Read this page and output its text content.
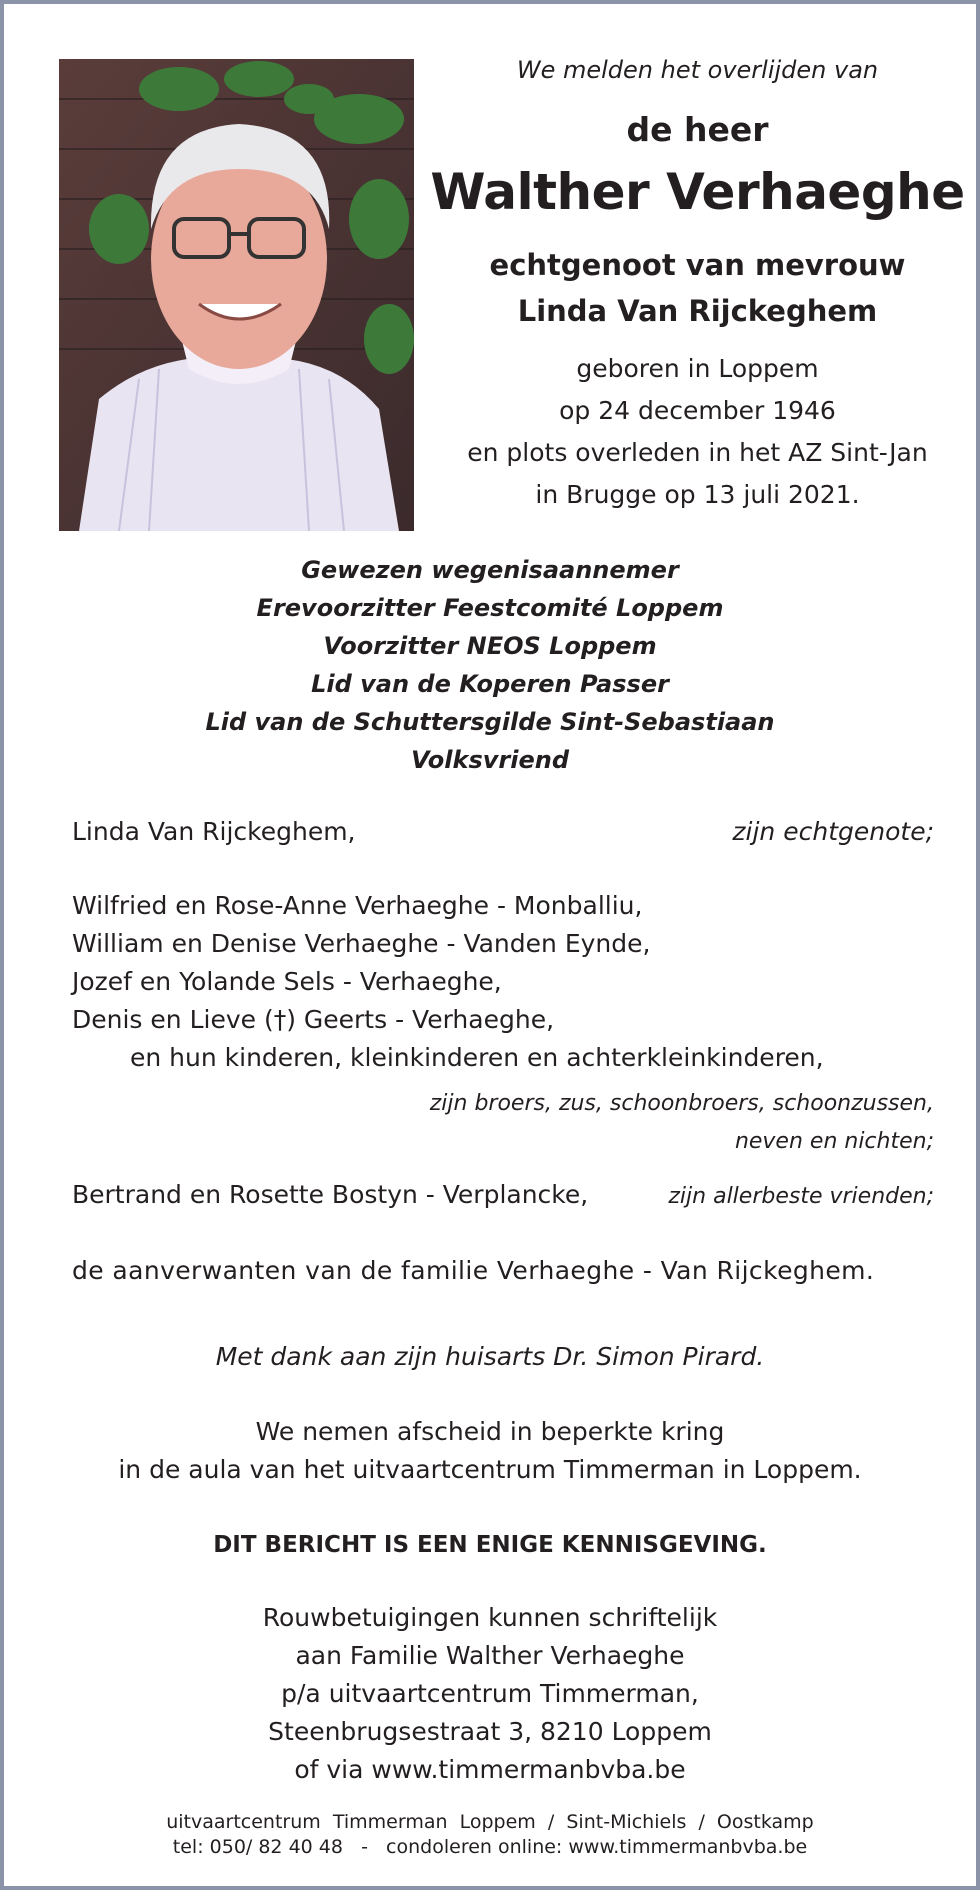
We melden het overlijden van
de heer
Walther Verhaeghe
echtgenoot van mevrouw
Linda Van Rijckeghem
geboren in Loppem
op 24 december 1946
en plots overleden in het AZ Sint-Jan
in Brugge op 13 juli 2021.
Gewezen wegenisaannemer
Erevoorzitter Feestcomité Loppem
Voorzitter NEOS Loppem
Lid van de Koperen Passer
Lid van de Schuttersgilde Sint-Sebastiaan
Volksvriend
Linda Van Rijckeghem,	zijn echtgenote;
Wilfried en Rose-Anne Verhaeghe - Monballiu,
William en Denise Verhaeghe - Vanden Eynde,
Jozef en Yolande Sels - Verhaeghe,
Denis en Lieve (†) Geerts - Verhaeghe,
en hun kinderen, kleinkinderen en achterkleinkinderen,
zijn broers, zus, schoonbroers, schoonzussen,
neven en nichten;
Bertrand en Rosette Bostyn - Verplancke,	zijn allerbeste vrienden;
de aanverwanten van de familie Verhaeghe - Van Rijckeghem.
Met dank aan zijn huisarts Dr. Simon Pirard.
We nemen afscheid in beperkte kring
in de aula van het uitvaartcentrum Timmerman in Loppem.
DIT BERICHT IS EEN ENIGE KENNISGEVING.
Rouwbetuigingen kunnen schriftelijk
aan Familie Walther Verhaeghe
p/a uitvaartcentrum Timmerman,
Steenbrugsestraat 3, 8210 Loppem
of via www.timmermanbvba.be
uitvaartcentrum  Timmerman  Loppem  /  Sint-Michiels  /  Oostkamp
tel: 050/ 82 40 48   -   condoleren online: www.timmermanbvba.be
